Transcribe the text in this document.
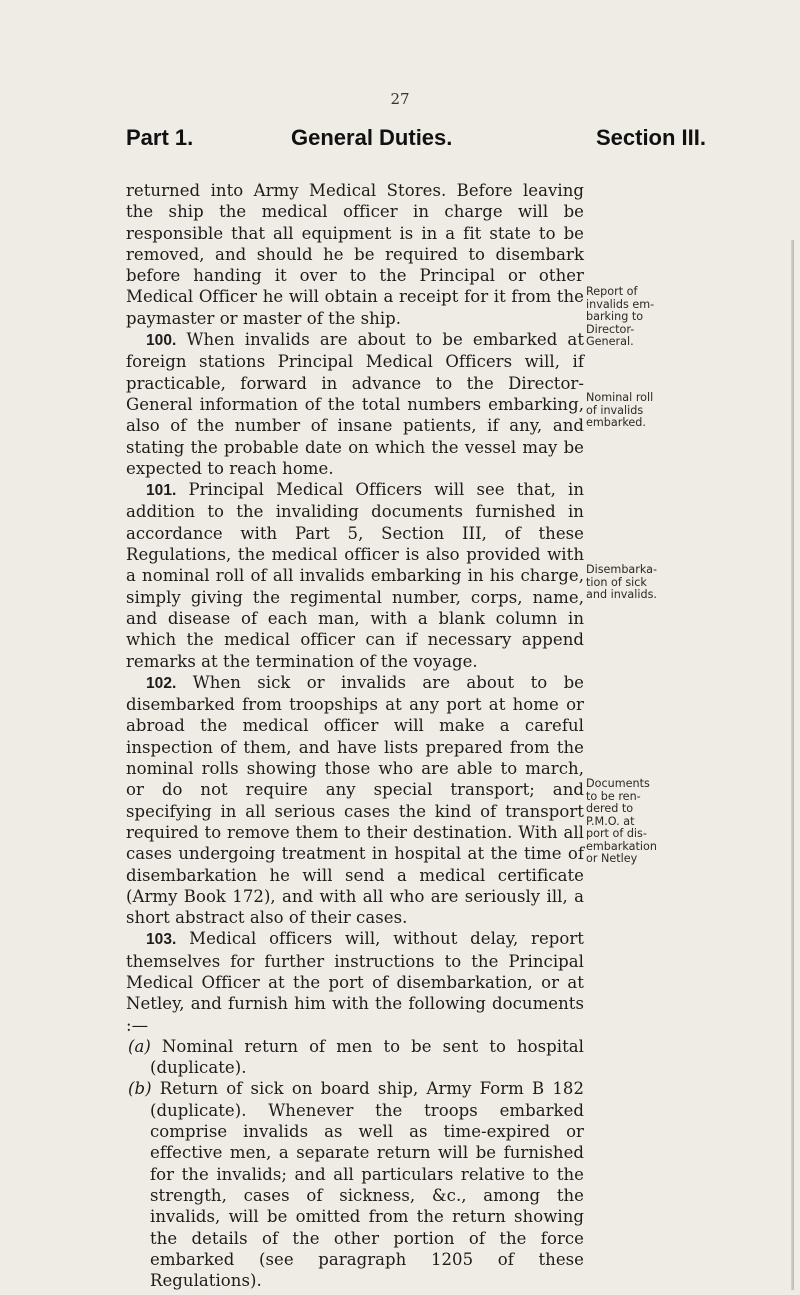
27
Part 1.	General Duties.	Section III.

returned into Army Medical Stores. Before leaving the ship the medical officer in charge will be responsible that all equipment is in a fit state to be removed, and should he be required to disembark before handing it over to the Principal or other Medical Officer he will obtain a receipt for it from the paymaster or master of the ship.

100. When invalids are about to be embarked at foreign stations Principal Medical Officers will, if practicable, forward in advance to the Director-General information of the total numbers embarking, also of the number of insane patients, if any, and stating the probable date on which the vessel may be expected to reach home.

101. Principal Medical Officers will see that, in addition to the invaliding documents furnished in accordance with Part 5, Section III, of these Regulations, the medical officer is also provided with a nominal roll of all invalids embarking in his charge, simply giving the regimental number, corps, name, and disease of each man, with a blank column in which the medical officer can if necessary append remarks at the termination of the voyage.

102. When sick or invalids are about to be disembarked from troopships at any port at home or abroad the medical officer will make a careful inspection of them, and have lists prepared from the nominal rolls showing those who are able to march, or do not require any special transport; and specifying in all serious cases the kind of transport required to remove them to their destination. With all cases undergoing treatment in hospital at the time of disembarkation he will send a medical certificate (Army Book 172), and with all who are seriously ill, a short abstract also of their cases.

103. Medical officers will, without delay, report themselves for further instructions to the Principal Medical Officer at the port of disembarkation, or at Netley, and furnish him with the following documents :—

(a) Nominal return of men to be sent to hospital (duplicate).

(b) Return of sick on board ship, Army Form B 182 (duplicate). Whenever the troops embarked comprise invalids as well as time-expired or effective men, a separate return will be furnished for the invalids; and all particulars relative to the strength, cases of sickness, &c., among the invalids, will be omitted from the return showing the details of the other portion of the force embarked (see paragraph 1205 of these Regulations).

Report of
invalids em-
barking to
Director-
General.
Nominal roll
of invalids
embarked.
Disembarka-
tion of sick
and invalids.
Documents
to be ren-
dered to
P.M.O. at
port of dis-
embarkation
or Netley
